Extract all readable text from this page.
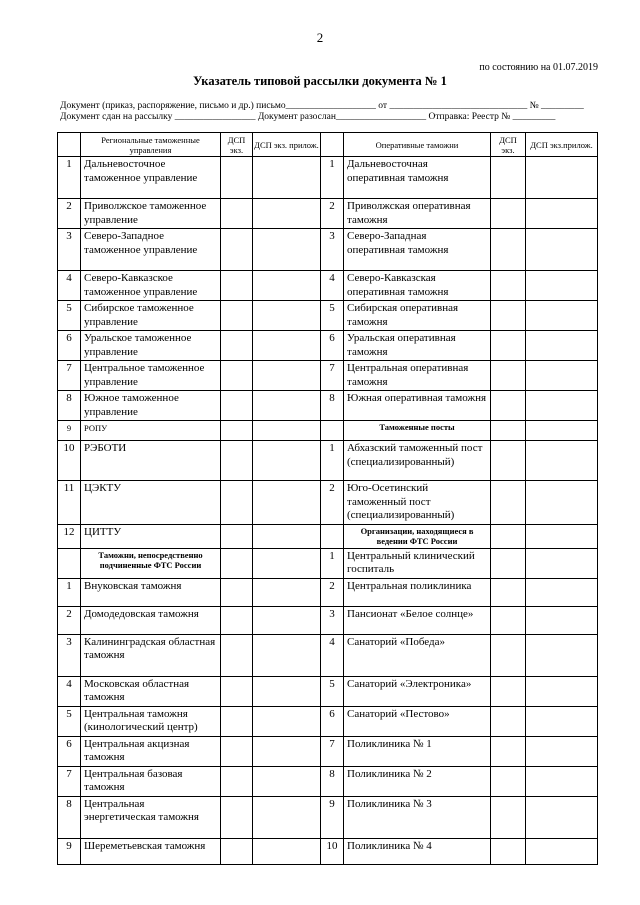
2
по состоянию на 01.07.2019
Указатель типовой рассылки документа № 1
Документ (приказ, распоряжение, письмо и др.) письмо___________________ от _____________________________ № _________
Документ сдан на рассылку _________________ Документ разослан___________________ Отправка: Реестр № _________
	Региональные таможенные управления	ДСП экз.	ДСП экз. прилож.		Оперативные таможни	ДСП экз.	ДСП экз.прилож.
1	Дальневосточное таможенное управление			1	Дальневосточная оперативная таможня		
2	Приволжское таможенное управление			2	Приволжская оперативная таможня		
3	Северо-Западное таможенное управление			3	Северо-Западная оперативная таможня		
4	Северо-Кавказское таможенное управление			4	Северо-Кавказская оперативная таможня		
5	Сибирское таможенное управление			5	Сибирская оперативная таможня		
6	Уральское таможенное управление			6	Уральская оперативная таможня		
7	Центральное таможенное управление			7	Центральная оперативная таможня		
8	Южное таможенное управление			8	Южная оперативная таможня		
9	РОПУ				Таможенные посты		
10	РЭБОТИ			1	Абхазский таможенный пост (специализированный)		
11	ЦЭКТУ			2	Юго-Осетинский таможенный пост (специализированный)		
12	ЦИТТУ				Организации, находящиеся в ведении ФТС России		
	Таможни, непосредственно подчиненные ФТС России			1	Центральный клинический госпиталь		
1	Внуковская таможня			2	Центральная поликлиника		
2	Домодедовская таможня			3	Пансионат «Белое солнце»		
3	Калининградская областная таможня			4	Санаторий «Победа»		
4	Московская областная таможня			5	Санаторий «Электроника»		
5	Центральная таможня (кинологический центр)			6	Санаторий «Пестово»		
6	Центральная акцизная таможня			7	Поликлиника № 1		
7	Центральная базовая таможня			8	Поликлиника № 2		
8	Центральная энергетическая таможня			9	Поликлиника № 3		
9	Шереметьевская таможня			10	Поликлиника № 4		
